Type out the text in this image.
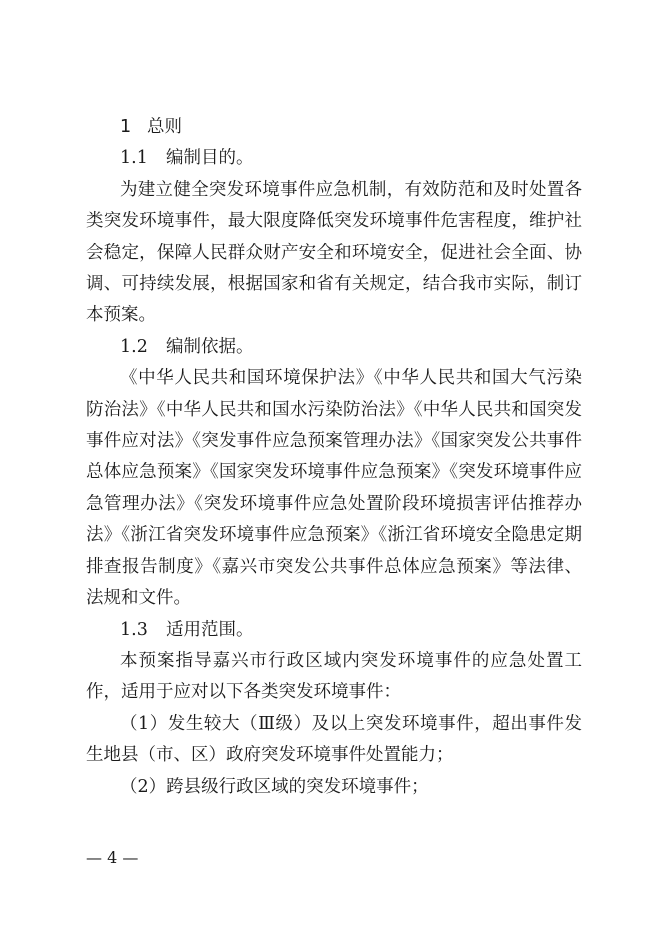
1 总则

1.1 编制目的。

为建立健全突发环境事件应急机制，有效防范和及时处置各类突发环境事件，最大限度降低突发环境事件危害程度，维护社会稳定，保障人民群众财产安全和环境安全，促进社会全面、协调、可持续发展，根据国家和省有关规定，结合我市实际，制订本预案。

1.2 编制依据。

《中华人民共和国环境保护法》《中华人民共和国大气污染防治法》《中华人民共和国水污染防治法》《中华人民共和国突发事件应对法》《突发事件应急预案管理办法》《国家突发公共事件总体应急预案》《国家突发环境事件应急预案》《突发环境事件应急管理办法》《突发环境事件应急处置阶段环境损害评估推荐办法》《浙江省突发环境事件应急预案》《浙江省环境安全隐患定期排查报告制度》《嘉兴市突发公共事件总体应急预案》等法律、法规和文件。

1.3 适用范围。

本预案指导嘉兴市行政区域内突发环境事件的应急处置工作，适用于应对以下各类突发环境事件：

（1）发生较大（Ⅲ级）及以上突发环境事件，超出事件发生地县（市、区）政府突发环境事件处置能力；

（2）跨县级行政区域的突发环境事件；

— 4 —
